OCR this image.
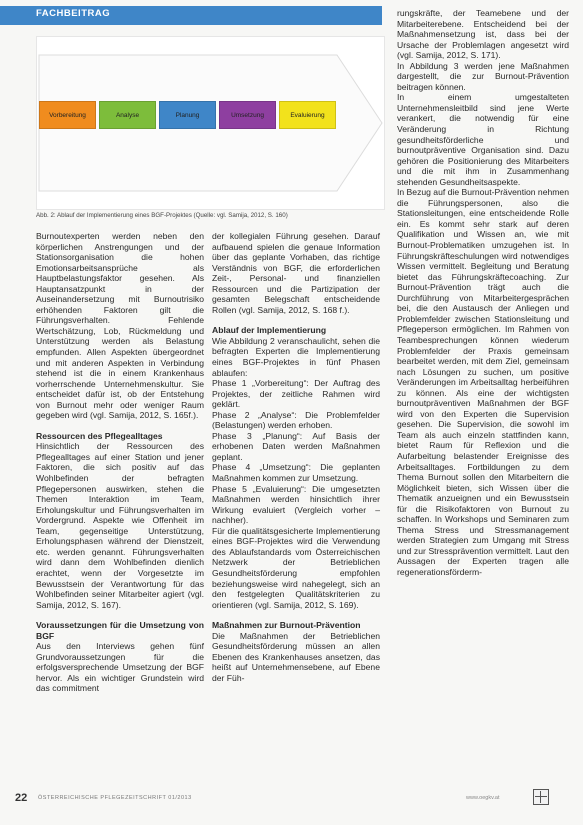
FACHBEITRAG
Vorbereitung	Analyse	Planung	Umsetzung	Evaluierung
Abb. 2: Ablauf der Implementierung eines BGF-Projektes (Quelle: vgl. Samija, 2012, S. 160)

Burnoutexperten werden neben den körperlichen Anstrengungen und der Stationsorganisation die hohen Emotionsarbeitsansprüche als Hauptbelastungsfaktor gesehen. Als Hauptansatzpunkt in der Auseinandersetzung mit Burnoutrisiko erhöhenden Faktoren gilt die Führungsverhalten. Fehlende Wertschätzung, Lob, Rückmeldung und Unterstützung werden als Belastung empfunden. Allen Aspekten übergeordnet und mit anderen Aspekten in Verbindung stehend ist die in einem Krankenhaus vorherrschende Unternehmenskultur. Sie entscheidet dafür ist, ob der Entstehung von Burnout mehr oder weniger Raum gegeben wird (vgl. Samija, 2012, S. 165f.).

Ressourcen des Pflegealltages

Hinsichtlich der Ressourcen des Pflegealltages auf einer Station und jener Faktoren, die sich positiv auf das Wohlbefinden der befragten Pflegepersonen auswirken, stehen die Themen Interaktion im Team, Erholungskultur und Führungsverhalten im Vordergrund. Aspekte wie Offenheit im Team, gegenseitige Unterstützung, Erholungsphasen während der Dienstzeit, etc. werden genannt. Führungsverhalten wird dann dem Wohlbefinden dienlich erachtet, wenn der Vorgesetzte im Bewusstsein der Verantwortung für das Wohlbefinden seiner Mitarbeiter agiert (vgl. Samija, 2012, S. 167).

Voraussetzungen für die Umsetzung von BGF

Aus den Interviews gehen fünf Grundvoraussetzungen für die erfolgsversprechende Umsetzung der BGF hervor. Als ein wichtiger Grundstein wird das commitment

der kollegialen Führung gesehen. Darauf aufbauend spielen die genaue Information über das geplante Vorhaben, das richtige Verständnis von BGF, die erforderlichen Zeit-, Personal- und finanziellen Ressourcen und die Partizipation der gesamten Belegschaft entscheidende Rollen (vgl. Samija, 2012, S. 168 f.).

Ablauf der Implementierung

Wie Abbildung 2 veranschaulicht, sehen die befragten Experten die Implementierung eines BGF-Projektes in fünf Phasen ablaufen:

Phase 1 „Vorbereitung“: Der Auftrag des Projektes, der zeitliche Rahmen wird geklärt.

Phase 2 „Analyse“: Die Problemfelder (Belastungen) werden erhoben.

Phase 3 „Planung“: Auf Basis der erhobenen Daten werden Maßnahmen geplant.

Phase 4 „Umsetzung“: Die geplanten Maßnahmen kommen zur Umsetzung.

Phase 5 „Evaluierung“: Die umgesetzten Maßnahmen werden hinsichtlich ihrer Wirkung evaluiert (Vergleich vorher – nachher).

Für die qualitätsgesicherte Implementierung eines BGF-Projektes wird die Verwendung des Ablaufstandards vom Österreichischen Netzwerk der Betrieblichen Gesundheitsförderung empfohlen beziehungsweise wird nahegelegt, sich an den festgelegten Qualitätskriterien zu orientieren (vgl. Samija, 2012, S. 169).

Maßnahmen zur Burnout-Prävention

Die Maßnahmen der Betrieblichen Gesundheitsförderung müssen an allen Ebenen des Krankenhauses ansetzen, das heißt auf Unternehmensebene, auf Ebene der Füh-

rungskräfte, der Teamebene und der Mitarbeiterebene. Entscheidend bei der Maßnahmensetzung ist, dass bei der Ursache der Problemlagen angesetzt wird (vgl. Samija, 2012, S. 171).

In Abbildung 3 werden jene Maßnahmen dargestellt, die zur Burnout-Prävention beitragen können.

In einem umgestalteten Unternehmensleitbild sind jene Werte verankert, die notwendig für eine Veränderung in Richtung gesundheitsförderliche und burnoutpräventive Organisation sind. Dazu gehören die Positionierung des Mitarbeiters und die mit ihm in Zusammenhang stehenden Gesundheitsaspekte.

In Bezug auf die Burnout-Prävention nehmen die Führungspersonen, also die Stationsleitungen, eine entscheidende Rolle ein. Es kommt sehr stark auf deren Qualifikation und Wissen an, wie mit Burnout-Problematiken umzugehen ist. In Führungskräfteschulungen wird notwendiges Wissen vermittelt. Begleitung und Beratung bietet das Führungskräftecoaching. Zur Burnout-Prävention trägt auch die Durchführung von Mitarbeitergesprächen bei, die den Austausch der Anliegen und Problemfelder zwischen Stationsleitung und Pflegeperson ermöglichen. Im Rahmen von Teambesprechungen können wiederum Problemfelder der Praxis gemeinsam bearbeitet werden, mit dem Ziel, gemeinsam nach Lösungen zu suchen, um positive Veränderungen im Arbeitsalltag herbeiführen zu können. Als eine der wichtigsten burnoutpräventiven Maßnahmen der BGF wird von den Experten die Supervision gesehen. Die Supervision, die sowohl im Team als auch einzeln stattfinden kann, bietet Raum für Reflexion und die Aufarbeitung belastender Ereignisse des Arbeitsalltages. Fortbildungen zu dem Thema Burnout sollen den Mitarbeitern die Möglichkeit bieten, sich Wissen über die Thematik anzueignen und ein Bewusstsein für die Risikofaktoren von Burnout zu schaffen. In Workshops und Seminaren zum Thema Stress und Stressmanagement werden Strategien zum Umgang mit Stress und zur Stressprävention vermittelt. Laut den Aussagen der Experten tragen alle regenerationsförderm-

22 ÖSTERREICHISCHE PFLEGEZEITSCHRIFT 01/2013	www.oegkv.at
